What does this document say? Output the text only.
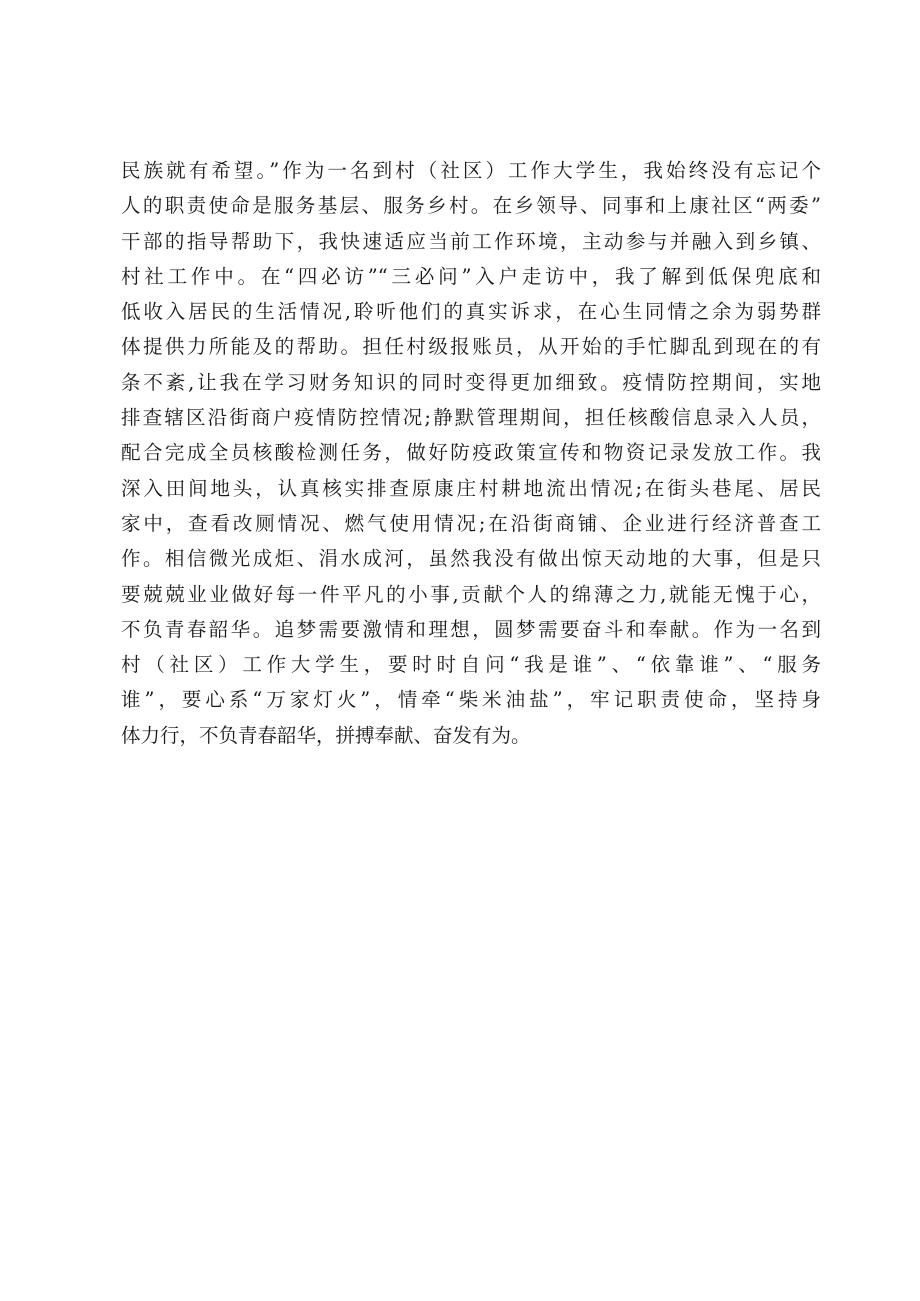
民族就有希望。”作为一名到村（社区）工作大学生，我始终没有忘记个
人的职责使命是服务基层、服务乡村。在乡领导、同事和上康社区“两委”
干部的指导帮助下，我快速适应当前工作环境，主动参与并融入到乡镇、
村社工作中。在“四必访”“三必问”入户走访中，我了解到低保兜底和
低收入居民的生活情况,聆听他们的真实诉求，在心生同情之余为弱势群
体提供力所能及的帮助。担任村级报账员，从开始的手忙脚乱到现在的有
条不紊,让我在学习财务知识的同时变得更加细致。疫情防控期间，实地
排查辖区沿街商户疫情防控情况;静默管理期间，担任核酸信息录入人员，
配合完成全员核酸检测任务，做好防疫政策宣传和物资记录发放工作。我
深入田间地头，认真核实排查原康庄村耕地流出情况;在街头巷尾、居民
家中，查看改厕情况、燃气使用情况;在沿街商铺、企业进行经济普查工
作。相信微光成炬、涓水成河，虽然我没有做出惊天动地的大事，但是只
要兢兢业业做好每一件平凡的小事,贡献个人的绵薄之力,就能无愧于心，
不负青春韶华。追梦需要激情和理想，圆梦需要奋斗和奉献。作为一名到
村（社区）工作大学生，要时时自问“我是谁”、“依靠谁”、“服务
谁”，要心系“万家灯火”，情牵“柴米油盐”，牢记职责使命，坚持身
体力行，不负青春韶华，拼搏奉献、奋发有为。
